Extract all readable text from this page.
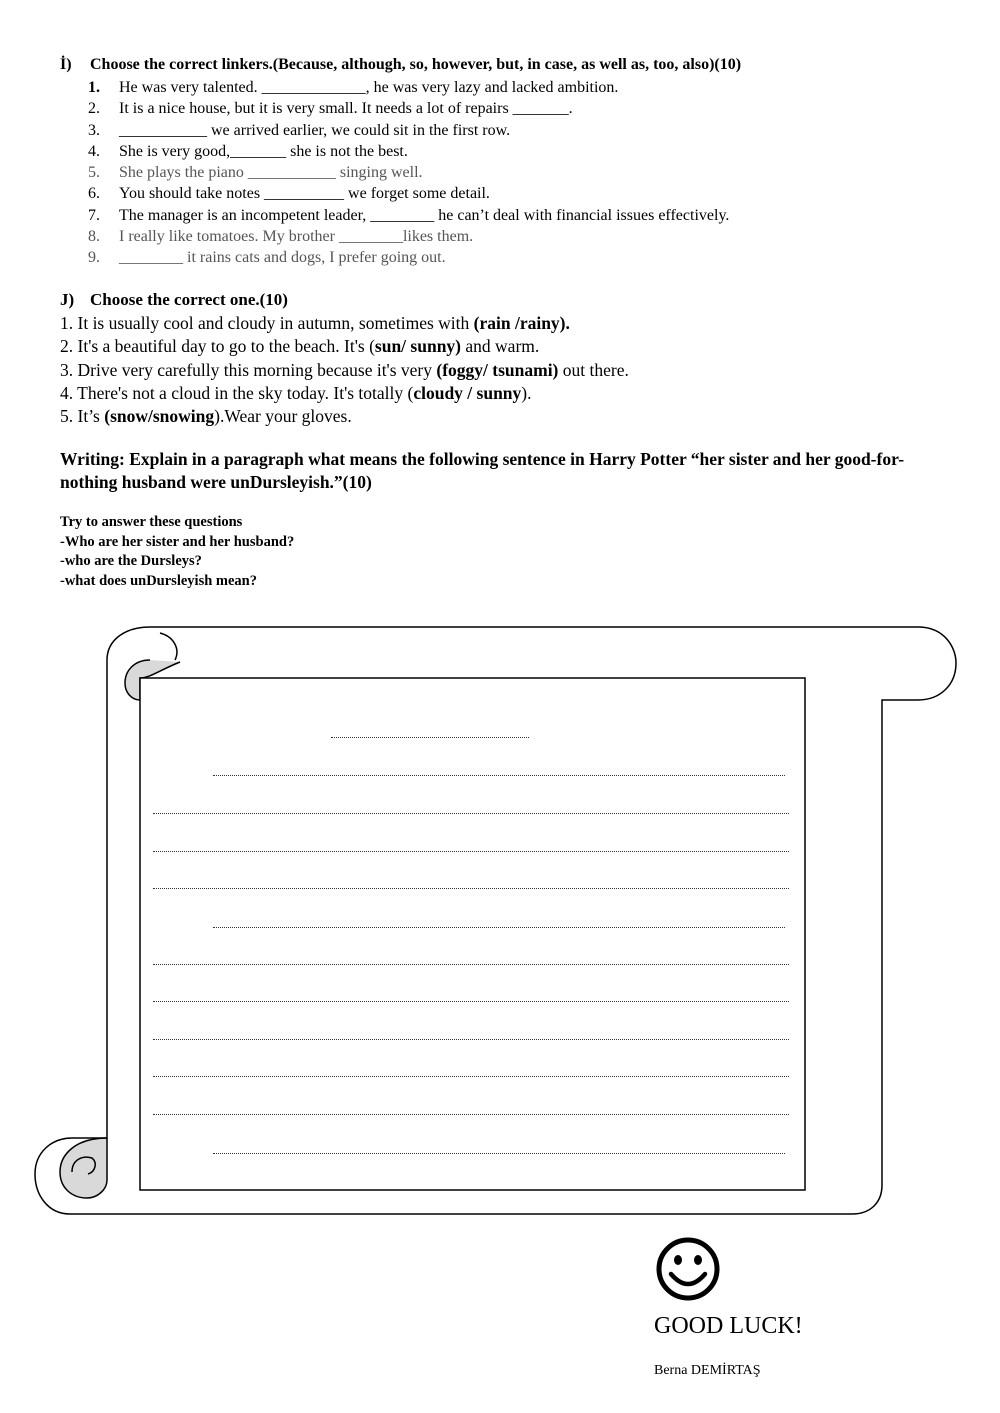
İ) Choose the correct linkers.(Because, although, so, however, but, in case, as well as, too, also)(10)
1. He was very talented. _____________, he was very lazy and lacked ambition.
2. It is a nice house, but it is very small. It needs a lot of repairs _______.
3. ___________ we arrived earlier, we could sit in the first row.
4. She is very good,_______ she is not the best.
5. She plays the piano ___________ singing well.
6. You should take notes __________ we forget some detail.
7. The manager is an incompetent leader, ________ he can’t deal with financial issues effectively.
8. I really like tomatoes. My brother ________likes them.
9. ________ it rains cats and dogs, I prefer going out.
J) Choose the correct one.(10)
1. It is usually cool and cloudy in autumn, sometimes with (rain /rainy).
2. It's a beautiful day to go to the beach. It's (sun/ sunny) and warm.
3. Drive very carefully this morning because it's very (foggy/ tsunami) out there.
4. There's not a cloud in the sky today. It's totally (cloudy / sunny).
5. It’s (snow/snowing).Wear your gloves.
Writing: Explain in a paragraph what means the following sentence in Harry Potter “her sister and her good-for-nothing husband were unDursleyish.”(10)
Try to answer these questions
-Who are her sister and her husband?
-who are the Dursleys?
-what does unDursleyish mean?
GOOD LUCK!
Berna DEMİRTAŞ
